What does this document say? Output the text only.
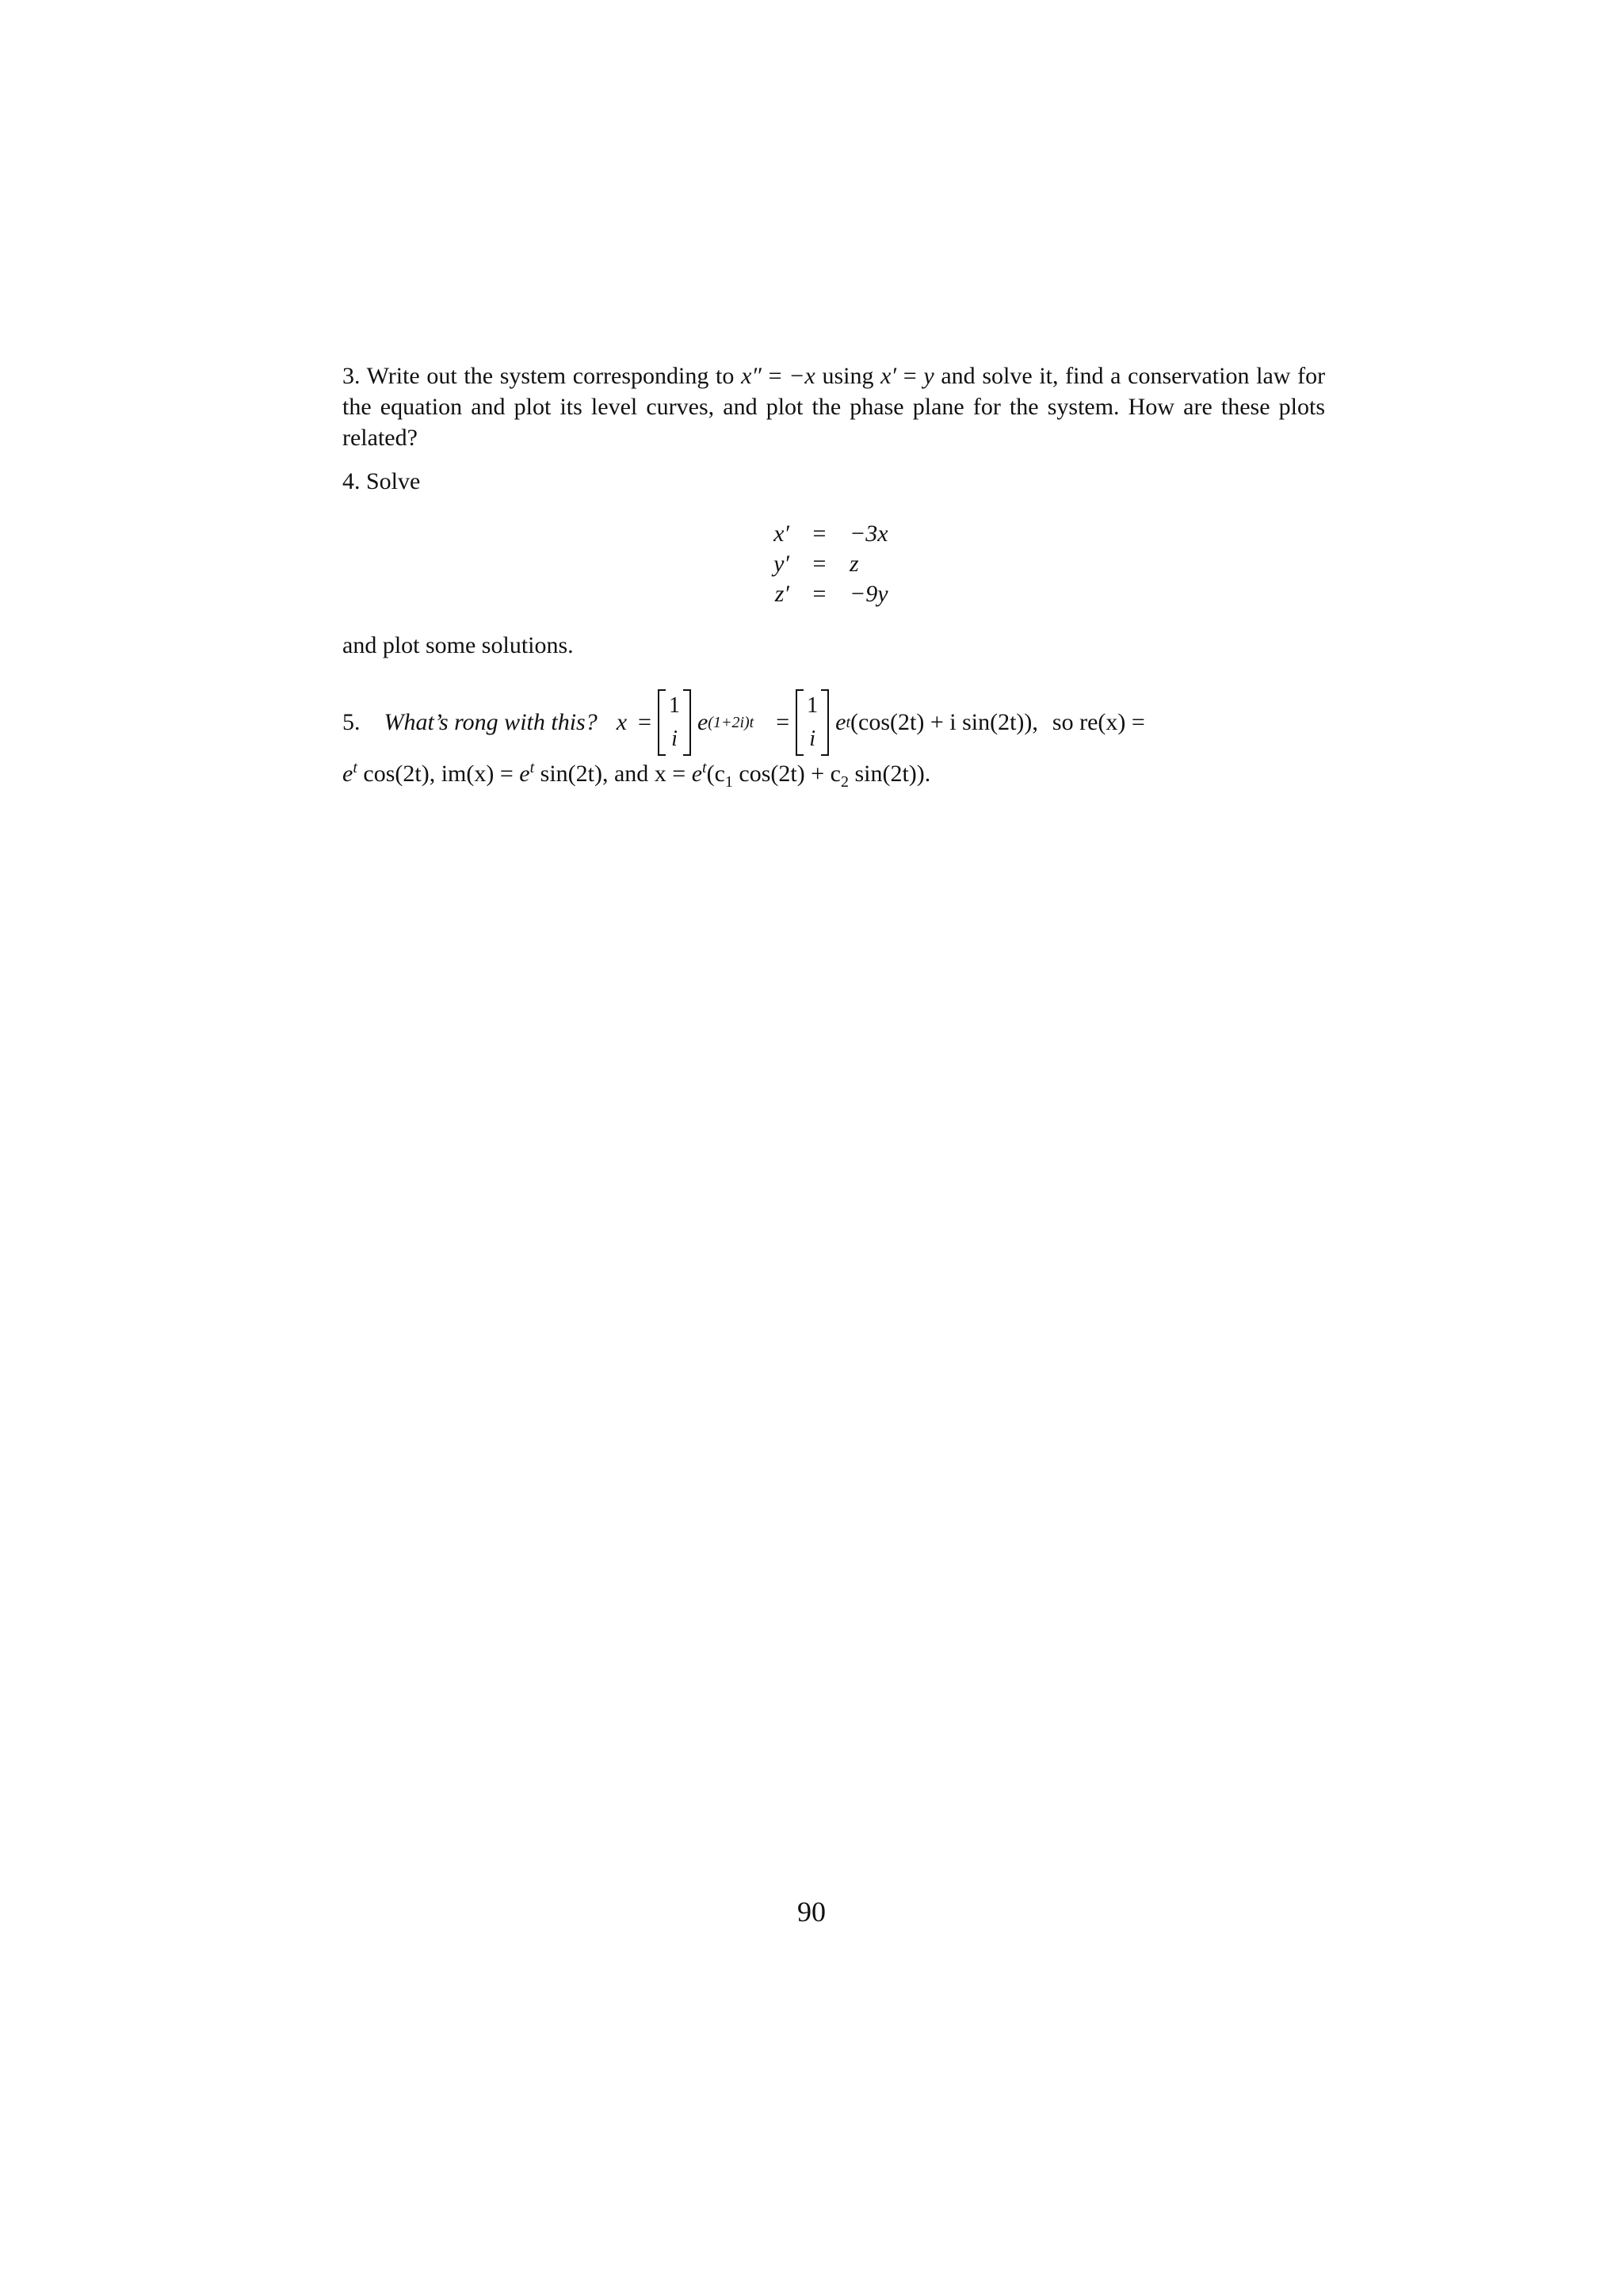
3. Write out the system corresponding to x″ = −x using x′ = y and solve it, find a conservation law for the equation and plot its level curves, and plot the phase plane for the system. How are these plots related?
4. Solve
x′ = −3x
y′ = z
z′ = −9y
and plot some solutions.
5. What’s rong with this? x =
1
i
e (1+2i)t =
1
i
e t (cos(2t) + i sin(2t)), so re(x) =
$e^t$ cos(2t), $im(x) = e^t$ sin(2t), and $x = e^t(c_1$ $\cos(2t) + c_2$ sin(2t)).
90
